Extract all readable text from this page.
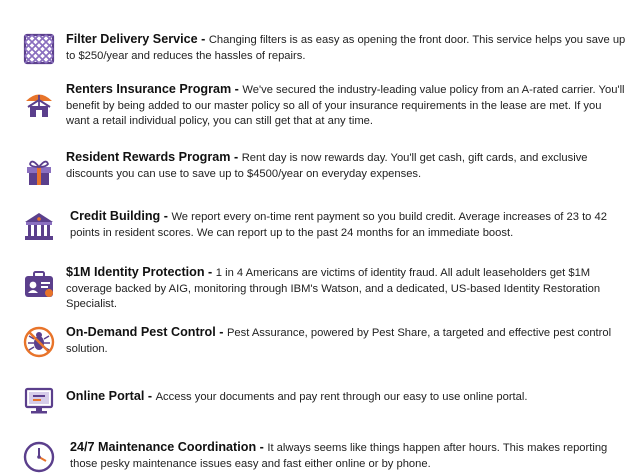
Filter Delivery Service - Changing filters is as easy as opening the front door. This service helps you save up to $250/year and reduces the hassles of repairs.
Renters Insurance Program - We've secured the industry-leading value policy from an A-rated carrier. You'll benefit by being added to our master policy so all of your insurance requirements in the lease are met. If you want a retail individual policy, you can still get that at any time.
Resident Rewards Program - Rent day is now rewards day. You'll get cash, gift cards, and exclusive discounts you can use to save up to $4500/year on everyday expenses.
Credit Building - We report every on-time rent payment so you build credit. Average increases of 23 to 42 points in resident scores. We can report up to the past 24 months for an immediate boost.
$1M Identity Protection - 1 in 4 Americans are victims of identity fraud. All adult leaseholders get $1M coverage backed by AIG, monitoring through IBM's Watson, and a dedicated, US-based Identity Restoration Specialist.
On-Demand Pest Control - Pest Assurance, powered by Pest Share, a targeted and effective pest control solution.
Online Portal - Access your documents and pay rent through our easy to use online portal.
24/7 Maintenance Coordination - It always seems like things happen after hours. This makes reporting those pesky maintenance issues easy and fast either online or by phone.
